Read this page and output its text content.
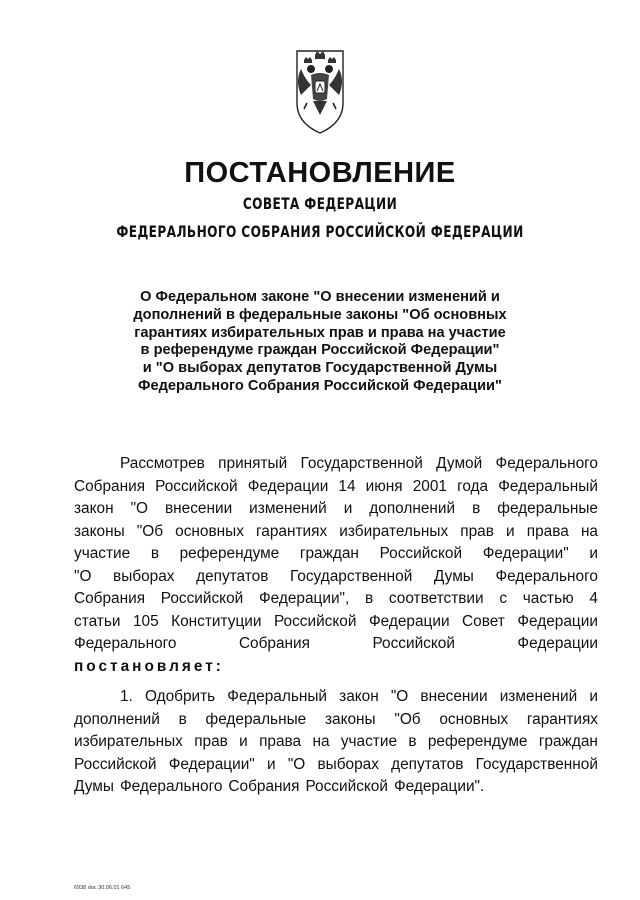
ПОСТАНОВЛЕНИЕ
СОВЕТА ФЕДЕРАЦИИ
ФЕДЕРАЛЬНОГО СОБРАНИЯ РОССИЙСКОЙ ФЕДЕРАЦИИ
О Федеральном законе "О внесении изменений и
дополнений в федеральные законы "Об основных
гарантиях избирательных прав и права на участие
в референдуме граждан Российской Федерации"
и "О выборах депутатов Государственной Думы
Федерального Собрания Российской Федерации"
Рассмотрев принятый Государственной Думой Федерального
Собрания Российской Федерации 14 июня 2001 года Федеральный
закон "О внесении изменений и дополнений в федеральные
законы "Об основных гарантиях избирательных прав и права на
участие в референдуме граждан Российской Федерации" и
"О выборах депутатов Государственной Думы Федерального
Собрания Российской Федерации", в соответствии с частью 4
статьи 105 Конституции Российской Федерации Совет Федерации
Федерального	Собрания	Российской	Федерации
постановляет:
1. Одобрить Федеральный закон "О внесении изменений и
дополнений в федеральные законы "Об основных гарантиях
избирательных прав и права на участие в референдуме граждан
Российской Федерации" и "О выборах депутатов Государственной
Думы Федерального Собрания Российской Федерации".
6938 doc 30.06.01 645
